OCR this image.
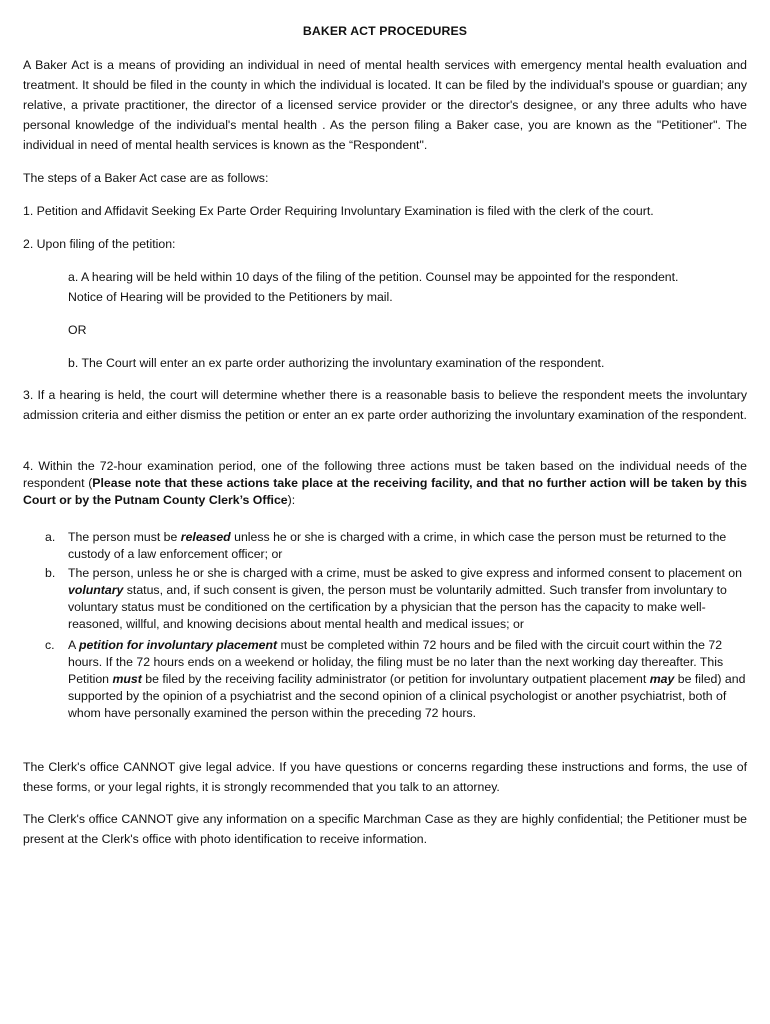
BAKER ACT PROCEDURES

A Baker Act is a means of providing an individual in need of mental health services with emergency mental health evaluation and treatment. It should be filed in the county in which the individual is located. It can be filed by the individual's spouse or guardian; any relative, a private practitioner, the director of a licensed service provider or the director's designee, or any three adults who have personal knowledge of the individual's mental health . As the person filing a Baker case, you are known as the "Petitioner". The individual in need of mental health services is known as the “Respondent".

The steps of a Baker Act case are as follows:

1. Petition and Affidavit Seeking Ex Parte Order Requiring Involuntary Examination is filed with the clerk of the court.

2. Upon filing of the petition:

a. A hearing will be held within 10 days of the filing of the petition. Counsel may be appointed for the respondent.
Notice of Hearing will be provided to the Petitioners by mail.

OR

b. The Court will enter an ex parte order authorizing the involuntary examination of the respondent.

3. If a hearing is held, the court will determine whether there is a reasonable basis to believe the respondent meets the involuntary admission criteria and either dismiss the petition or enter an ex parte order authorizing the involuntary examination of the respondent.

4. Within the 72-hour examination period, one of the following three actions must be taken based on the individual needs of the respondent (Please note that these actions take place at the receiving facility, and that no further action will be taken by this Court or by the Putnam County Clerk’s Office):

a. The person must be released unless he or she is charged with a crime, in which case the person must be returned to the custody of a law enforcement officer; or
b. The person, unless he or she is charged with a crime, must be asked to give express and informed consent to placement on voluntary status, and, if such consent is given, the person must be voluntarily admitted. Such transfer from involuntary to voluntary status must be conditioned on the certification by a physician that the person has the capacity to make well-reasoned, willful, and knowing decisions about mental health and medical issues; or
c. A petition for involuntary placement must be completed within 72 hours and be filed with the circuit court within the 72 hours. If the 72 hours ends on a weekend or holiday, the filing must be no later than the next working day thereafter. This Petition must be filed by the receiving facility administrator (or petition for involuntary outpatient placement may be filed) and supported by the opinion of a psychiatrist and the second opinion of a clinical psychologist or another psychiatrist, both of whom have personally examined the person within the preceding 72 hours.

The Clerk's office CANNOT give legal advice. If you have questions or concerns regarding these instructions and forms, the use of these forms, or your legal rights, it is strongly recommended that you talk to an attorney.

The Clerk's office CANNOT give any information on a specific Marchman Case as they are highly confidential; the Petitioner must be present at the Clerk's office with photo identification to receive information.
